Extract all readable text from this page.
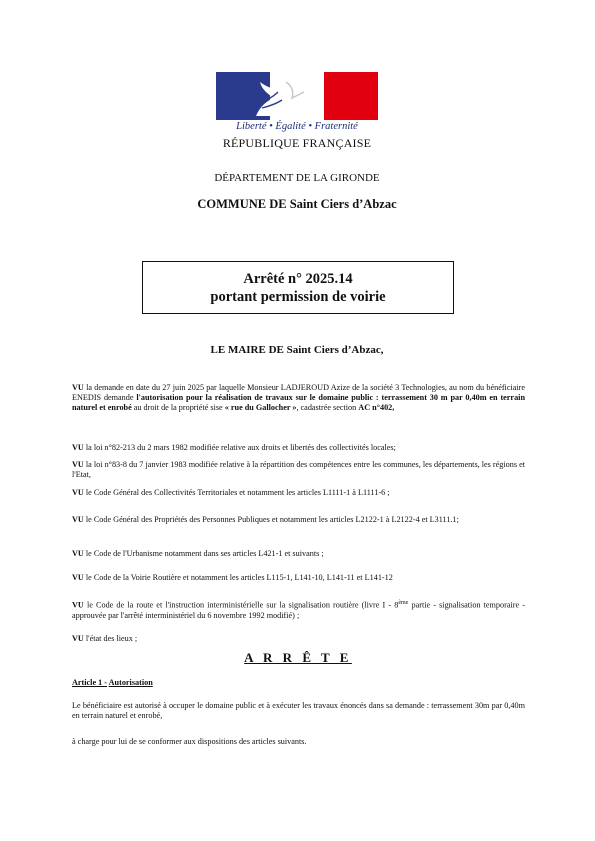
Liberté • Égalité • Fraternité
RÉPUBLIQUE FRANÇAISE
DÉPARTEMENT DE LA GIRONDE
COMMUNE DE Saint Ciers d’Abzac
Arrêté n° 2025.14
portant permission de voirie
LE MAIRE DE Saint Ciers d’Abzac,
VU la demande en date du 27 juin 2025 par laquelle Monsieur LADJEROUD Azize de la société 3 Technologies, au nom du bénéficiaire ENEDIS demande l'autorisation pour la réalisation de travaux sur le domaine public : terrassement 30 m par 0,40m en terrain naturel et enrobé au droit de la propriété sise « rue du Gallocher », cadastrée section AC n°402,
VU la loi n°82-213 du 2 mars 1982 modifiée relative aux droits et libertés des collectivités locales;
VU la loi n°83-8 du 7 janvier 1983 modifiée relative à la répartition des compétences entre les communes, les départements, les régions et l'Etat,
VU le Code Général des Collectivités Territoriales et notamment les articles L1111-1 à L1111-6 ;
VU le Code Général des Propriétés des Personnes Publiques et notamment les articles L2122-1 à L2122-4 et L3111.1;
VU le Code de l'Urbanisme notamment dans ses articles L421-1 et suivants ;
VU le Code de la Voirie Routière et notamment les articles L115-1, L141-10, L141-11 et L141-12
VU le Code de la route et l'instruction interministérielle sur la signalisation routière (livre I - 8ème partie - signalisation temporaire - approuvée par l'arrêté interministériel du 6 novembre 1992 modifié) ;
VU l'état des lieux ;
A R R Ê T E
Article 1 - Autorisation
Le bénéficiaire est autorisé à occuper le domaine public et à exécuter les travaux énoncés dans sa demande : terrassement 30m par 0,40m en terrain naturel et enrobé,
à charge pour lui de se conformer aux dispositions des articles suivants.
